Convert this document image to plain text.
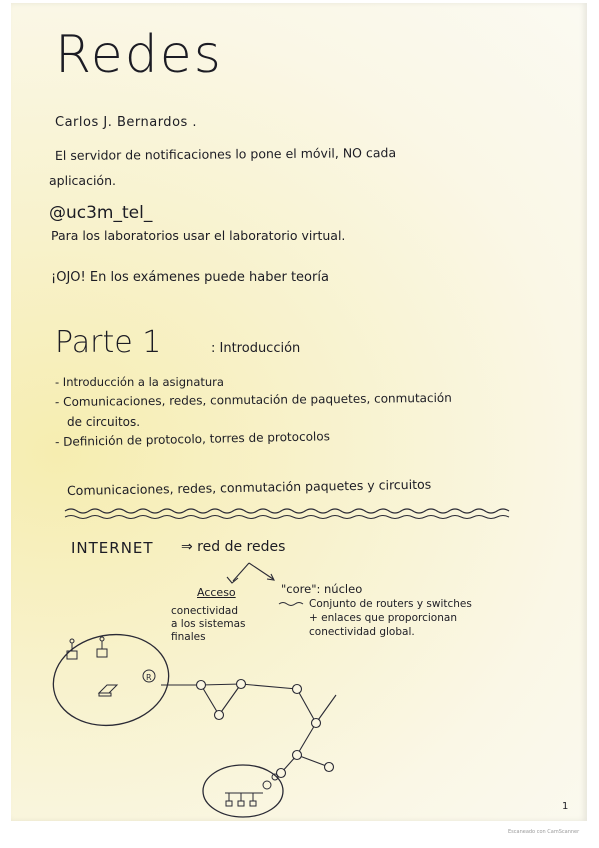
Redes
Carlos J. Bernardos .
El servidor de notificaciones lo pone el móvil, NO cada
aplicación.
@uc3m_tel_
Para los laboratorios usar el laboratorio virtual.
¡OJO! En los exámenes puede haber teoría
Parte 1	: Introducción
- Introducción a la asignatura
- Comunicaciones, redes, conmutación de paquetes, conmutación
de circuitos.
- Definición de protocolo, torres de protocolos
Comunicaciones, redes, conmutación paquetes y circuitos
INTERNET ⇒ red de redes
Acceso	"core": núcleo
conectividad
a los sistemas
finales
Conjunto de routers y switches
+ enlaces que proporcionan
conectividad global.
R
1
Escaneado con CamScanner
